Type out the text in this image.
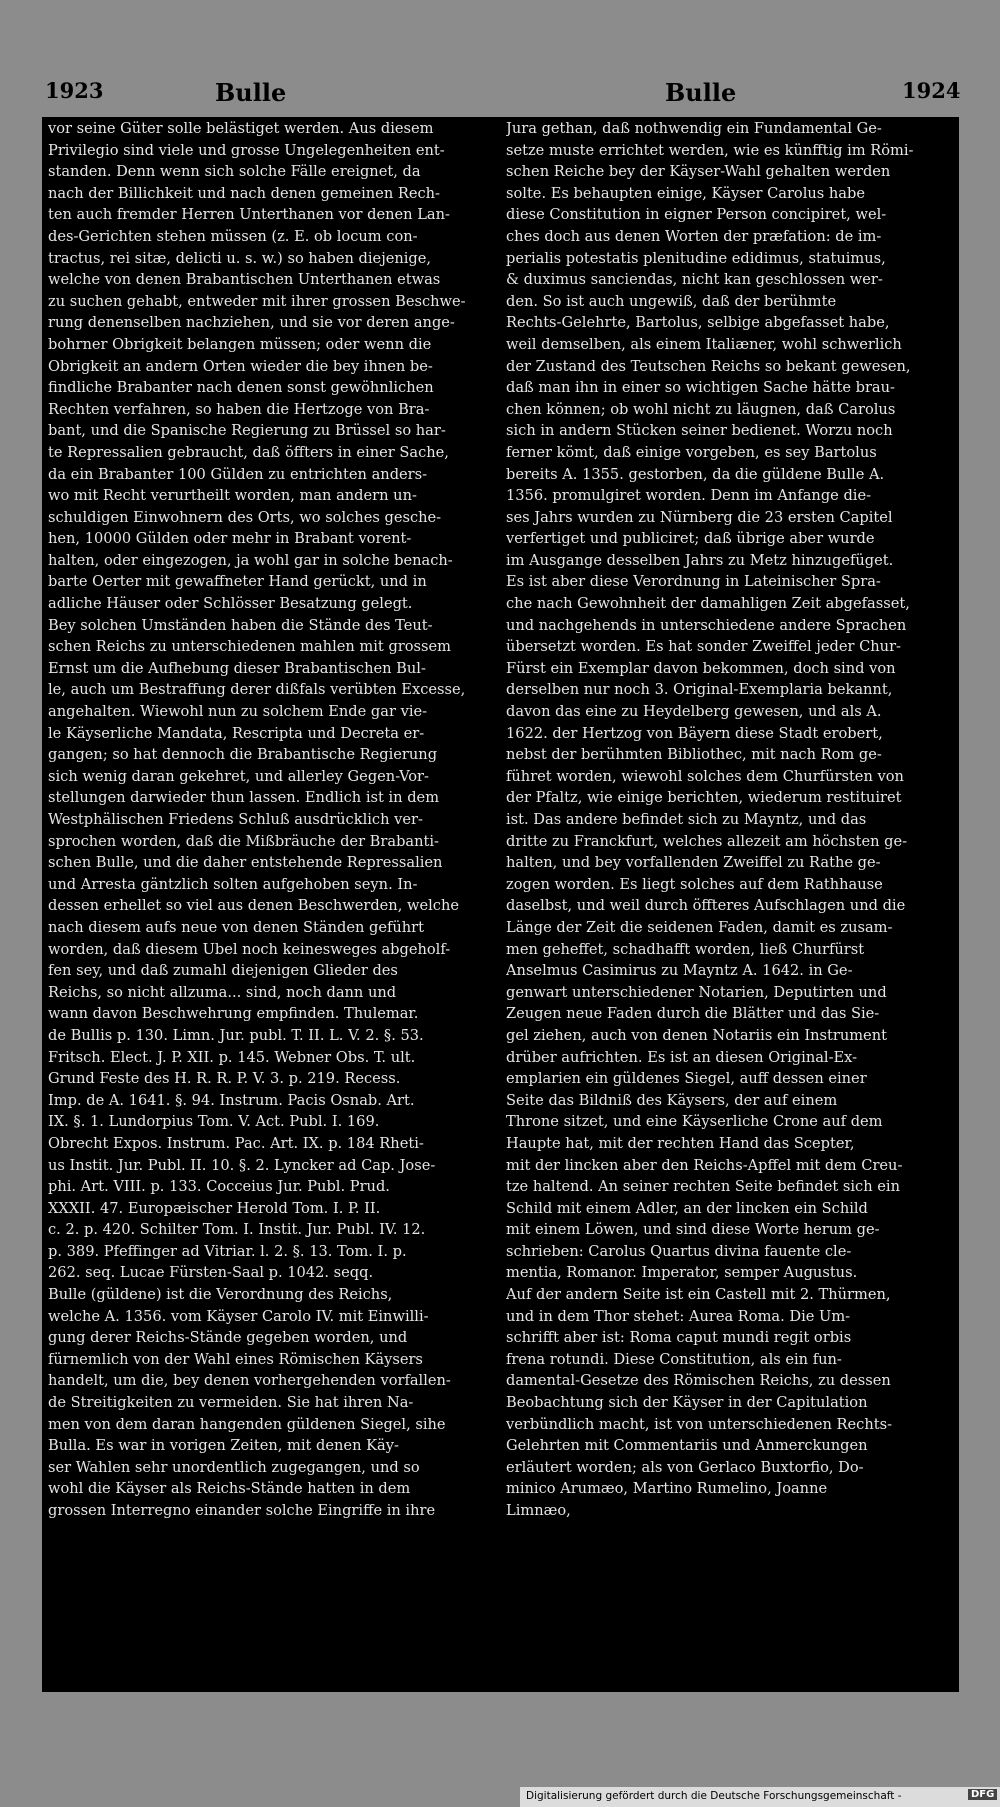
1923	Bulle	Bulle	1924
vor seine Güter solle belästiget werden. Aus diesem
Privilegio sind viele und grosse Ungelegenheiten ent-
standen. Denn wenn sich solche Fälle ereignet, da
nach der Billichkeit und nach denen gemeinen Rech-
ten auch fremder Herren Unterthanen vor denen Lan-
des-Gerichten stehen müssen (z. E. ob locum con-
tractus, rei sitæ, delicti u. s. w.) so haben diejenige,
welche von denen Brabantischen Unterthanen etwas
zu suchen gehabt, entweder mit ihrer grossen Beschwe-
rung denenselben nachziehen, und sie vor deren ange-
bohrner Obrigkeit belangen müssen; oder wenn die
Obrigkeit an andern Orten wieder die bey ihnen be-
findliche Brabanter nach denen sonst gewöhnlichen
Rechten verfahren, so haben die Hertzoge von Bra-
bant, und die Spanische Regierung zu Brüssel so har-
te Repressalien gebraucht, daß öffters in einer Sache,
da ein Brabanter 100 Gülden zu entrichten anders-
wo mit Recht verurtheilt worden, man andern un-
schuldigen Einwohnern des Orts, wo solches gesche-
hen, 10000 Gülden oder mehr in Brabant vorent-
halten, oder eingezogen, ja wohl gar in solche benach-
barte Oerter mit gewaffneter Hand gerückt, und in
adliche Häuser oder Schlösser Besatzung gelegt.
Bey solchen Umständen haben die Stände des Teut-
schen Reichs zu unterschiedenen mahlen mit grossem
Ernst um die Aufhebung dieser Brabantischen Bul-
le, auch um Bestraffung derer dißfals verübten Excesse,
angehalten. Wiewohl nun zu solchem Ende gar vie-
le Käyserliche Mandata, Rescripta und Decreta er-
gangen; so hat dennoch die Brabantische Regierung
sich wenig daran gekehret, und allerley Gegen-Vor-
stellungen darwieder thun lassen. Endlich ist in dem
Westphälischen Friedens Schluß ausdrücklich ver-
sprochen worden, daß die Mißbräuche der Brabanti-
schen Bulle, und die daher entstehende Repressalien
und Arresta gäntzlich solten aufgehoben seyn. In-
dessen erhellet so viel aus denen Beschwerden, welche
nach diesem aufs neue von denen Ständen geführt
worden, daß diesem Ubel noch keinesweges abgeholf-
fen sey, und daß zumahl diejenigen Glieder des
Reichs, so nicht allzuma... sind, noch dann und
wann davon Beschwehrung empfinden. Thulemar.
de Bullis p. 130. Limn. Jur. publ. T. II. L. V. 2. §. 53.
Fritsch. Elect. J. P. XII. p. 145. Webner Obs. T. ult.
Grund Feste des H. R. R. P. V. 3. p. 219. Recess.
Imp. de A. 1641. §. 94. Instrum. Pacis Osnab. Art.
IX. §. 1. Lundorpius Tom. V. Act. Publ. I. 169.
Obrecht Expos. Instrum. Pac. Art. IX. p. 184 Rheti-
us Instit. Jur. Publ. II. 10. §. 2. Lyncker ad Cap. Jose-
phi. Art. VIII. p. 133. Cocceius Jur. Publ. Prud.
XXXII. 47. Europæischer Herold Tom. I. P. II.
c. 2. p. 420. Schilter Tom. I. Instit. Jur. Publ. IV. 12.
p. 389. Pfeffinger ad Vitriar. l. 2. §. 13. Tom. I. p.
262. seq. Lucae Fürsten-Saal p. 1042. seqq.
Bulle (güldene) ist die Verordnung des Reichs,
welche A. 1356. vom Käyser Carolo IV. mit Einwilli-
gung derer Reichs-Stände gegeben worden, und
fürnemlich von der Wahl eines Römischen Käysers
handelt, um die, bey denen vorhergehenden vorfallen-
de Streitigkeiten zu vermeiden. Sie hat ihren Na-
men von dem daran hangenden güldenen Siegel, sihe
Bulla. Es war in vorigen Zeiten, mit denen Käy-
ser Wahlen sehr unordentlich zugegangen, und so
wohl die Käyser als Reichs-Stände hatten in dem
grossen Interregno einander solche Eingriffe in ihre
Jura gethan, daß nothwendig ein Fundamental Ge-
setze muste errichtet werden, wie es künfftig im Römi-
schen Reiche bey der Käyser-Wahl gehalten werden
solte. Es behaupten einige, Käyser Carolus habe
diese Constitution in eigner Person concipiret, wel-
ches doch aus denen Worten der præfation: de im-
perialis potestatis plenitudine edidimus, statuimus,
& duximus sanciendas, nicht kan geschlossen wer-
den. So ist auch ungewiß, daß der berühmte
Rechts-Gelehrte, Bartolus, selbige abgefasset habe,
weil demselben, als einem Italiæner, wohl schwerlich
der Zustand des Teutschen Reichs so bekant gewesen,
daß man ihn in einer so wichtigen Sache hätte brau-
chen können; ob wohl nicht zu läugnen, daß Carolus
sich in andern Stücken seiner bedienet. Worzu noch
ferner kömt, daß einige vorgeben, es sey Bartolus
bereits A. 1355. gestorben, da die güldene Bulle A.
1356. promulgiret worden. Denn im Anfange die-
ses Jahrs wurden zu Nürnberg die 23 ersten Capitel
verfertiget und publiciret; daß übrige aber wurde
im Ausgange desselben Jahrs zu Metz hinzugefüget.
Es ist aber diese Verordnung in Lateinischer Spra-
che nach Gewohnheit der damahligen Zeit abgefasset,
und nachgehends in unterschiedene andere Sprachen
übersetzt worden. Es hat sonder Zweiffel jeder Chur-
Fürst ein Exemplar davon bekommen, doch sind von
derselben nur noch 3. Original-Exemplaria bekannt,
davon das eine zu Heydelberg gewesen, und als A.
1622. der Hertzog von Bäyern diese Stadt erobert,
nebst der berühmten Bibliothec, mit nach Rom ge-
führet worden, wiewohl solches dem Churfürsten von
der Pfaltz, wie einige berichten, wiederum restituiret
ist. Das andere befindet sich zu Mayntz, und das
dritte zu Franckfurt, welches allezeit am höchsten ge-
halten, und bey vorfallenden Zweiffel zu Rathe ge-
zogen worden. Es liegt solches auf dem Rathhause
daselbst, und weil durch öffteres Aufschlagen und die
Länge der Zeit die seidenen Faden, damit es zusam-
men geheffet, schadhafft worden, ließ Churfürst
Anselmus Casimirus zu Mayntz A. 1642. in Ge-
genwart unterschiedener Notarien, Deputirten und
Zeugen neue Faden durch die Blätter und das Sie-
gel ziehen, auch von denen Notariis ein Instrument
drüber aufrichten. Es ist an diesen Original-Ex-
emplarien ein güldenes Siegel, auff dessen einer
Seite das Bildniß des Käysers, der auf einem
Throne sitzet, und eine Käyserliche Crone auf dem
Haupte hat, mit der rechten Hand das Scepter,
mit der lincken aber den Reichs-Apffel mit dem Creu-
tze haltend. An seiner rechten Seite befindet sich ein
Schild mit einem Adler, an der lincken ein Schild
mit einem Löwen, und sind diese Worte herum ge-
schrieben: Carolus Quartus divina fauente cle-
mentia, Romanor. Imperator, semper Augustus.
Auf der andern Seite ist ein Castell mit 2. Thürmen,
und in dem Thor stehet: Aurea Roma. Die Um-
schrifft aber ist: Roma caput mundi regit orbis
frena rotundi. Diese Constitution, als ein fun-
damental-Gesetze des Römischen Reichs, zu dessen
Beobachtung sich der Käyser in der Capitulation
verbündlich macht, ist von unterschiedenen Rechts-
Gelehrten mit Commentariis und Anmerckungen
erläutert worden; als von Gerlaco Buxtorfio, Do-
minico Arumæo, Martino Rumelino, Joanne
Limnæo,
Digitalisierung gefördert durch die Deutsche Forschungsgemeinschaft -	DFG
